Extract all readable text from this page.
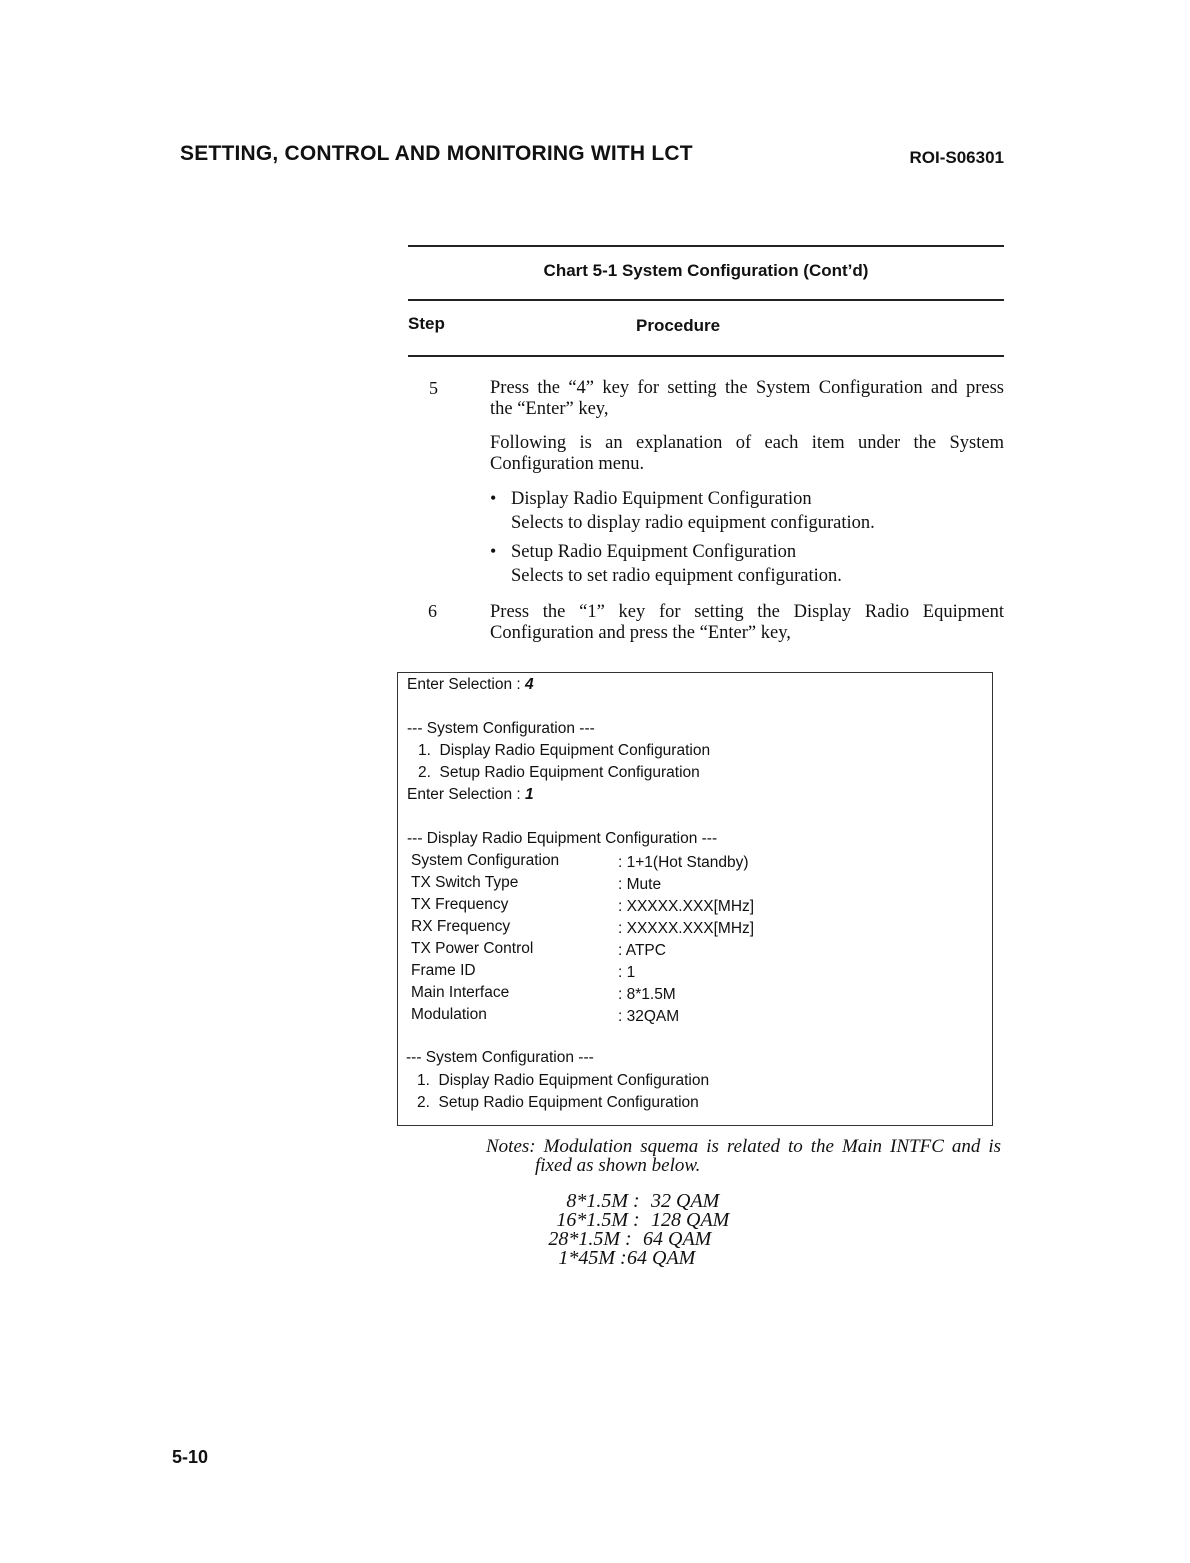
SETTING, CONTROL AND MONITORING WITH LCT	ROI-S06301
Chart 5-1 System Configuration (Cont’d)
Step	Procedure
5	Press the “4” key for setting the System Configuration and press
the “Enter” key,
Following is an explanation of each item under the System
Configuration menu.
• Display Radio Equipment Configuration
Selects to display radio equipment configuration.
• Setup Radio Equipment Configuration
Selects to set radio equipment configuration.
6	Press the “1” key for setting the Display Radio Equipment
Configuration and press the “Enter” key,
Enter Selection : 4
--- System Configuration ---
1.  Display Radio Equipment Configuration
2.  Setup Radio Equipment Configuration
Enter Selection : 1
--- Display Radio Equipment Configuration ---
System Configuration	: 1+1(Hot Standby)
TX Switch Type	: Mute
TX Frequency	: XXXXX.XXX[MHz]
RX Frequency	: XXXXX.XXX[MHz]
TX Power Control	: ATPC
Frame ID	: 1
Main Interface	: 8*1.5M
Modulation	: 32QAM
--- System Configuration ---
1.  Display Radio Equipment Configuration
2.  Setup Radio Equipment Configuration
Notes: Modulation squema is related to the Main INTFC and is
fixed as shown below.
8*1.5M : 32 QAM
16*1.5M : 128 QAM
28*1.5M : 64 QAM
1*45M : 64 QAM
5-10
